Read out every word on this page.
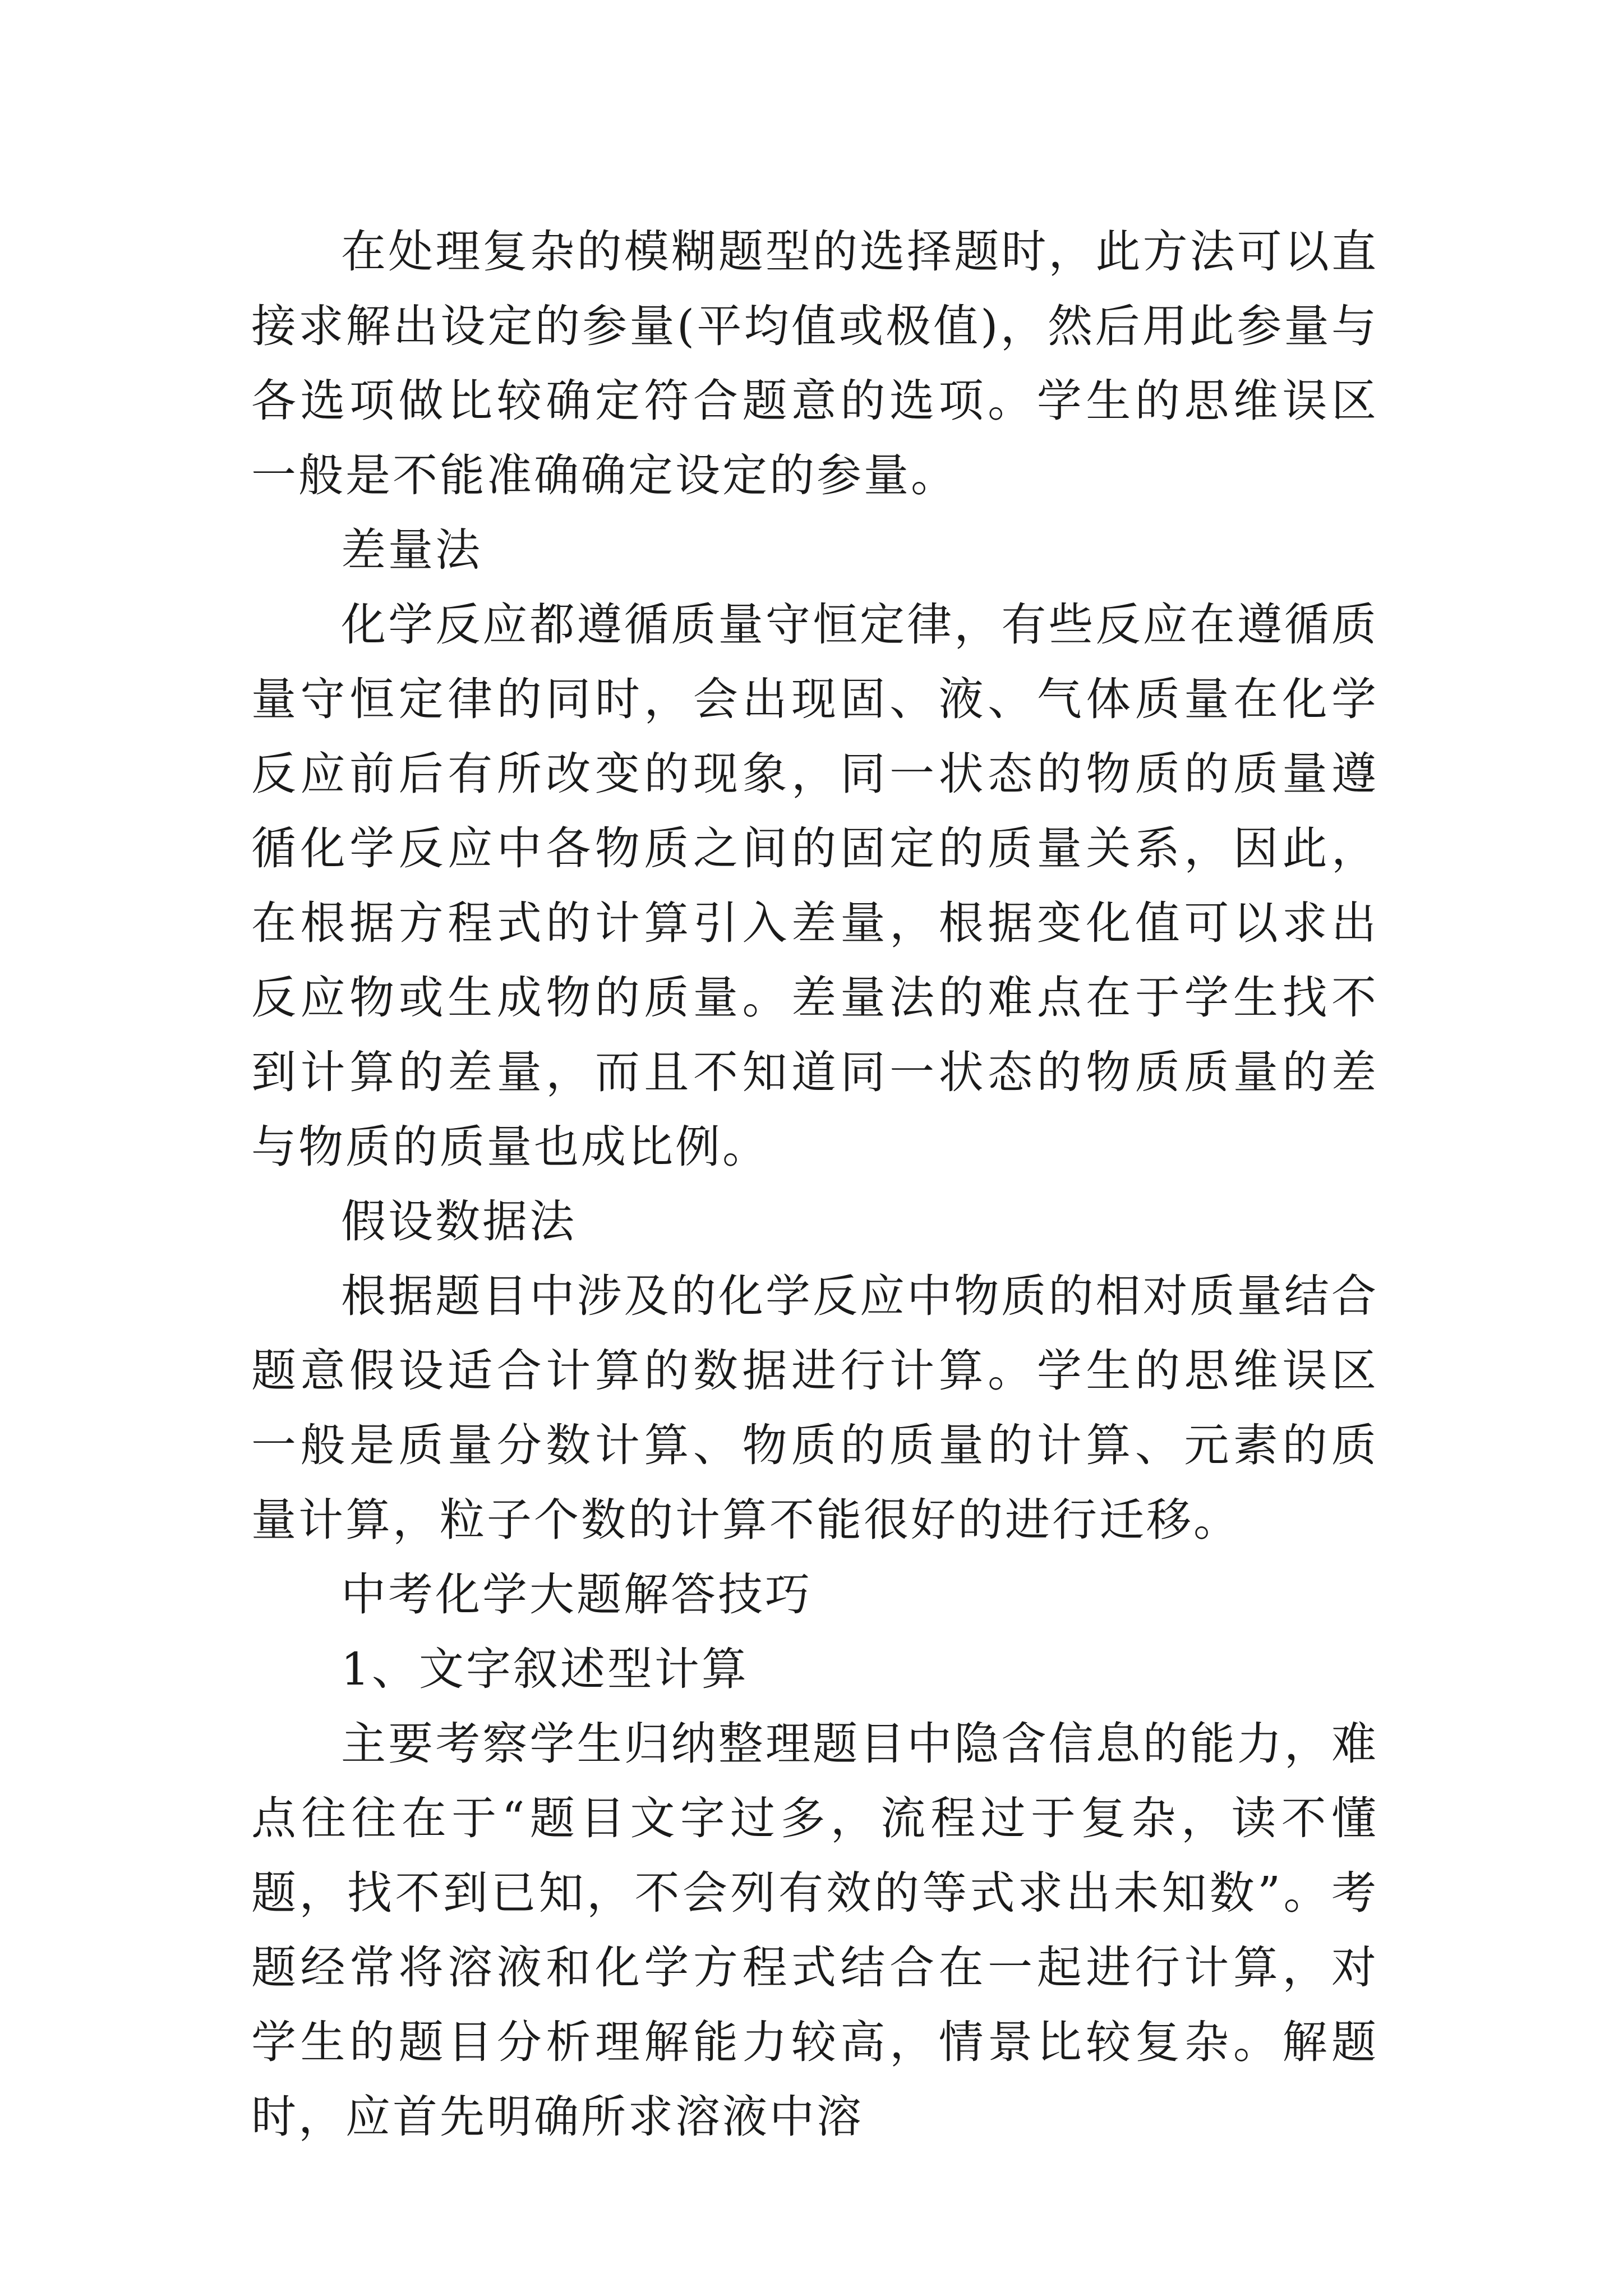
在处理复杂的模糊题型的选择题时，此方法可以直接求解出设定的参量(平均值或极值)，然后用此参量与各选项做比较确定符合题意的选项。学生的思维误区一般是不能准确确定设定的参量。

差量法

化学反应都遵循质量守恒定律，有些反应在遵循质量守恒定律的同时，会出现固、液、气体质量在化学反应前后有所改变的现象，同一状态的物质的质量遵循化学反应中各物质之间的固定的质量关系，因此，在根据方程式的计算引入差量，根据变化值可以求出反应物或生成物的质量。差量法的难点在于学生找不到计算的差量，而且不知道同一状态的物质质量的差与物质的质量也成比例。

假设数据法

根据题目中涉及的化学反应中物质的相对质量结合题意假设适合计算的数据进行计算。学生的思维误区一般是质量分数计算、物质的质量的计算、元素的质量计算，粒子个数的计算不能很好的进行迁移。

中考化学大题解答技巧

1、文字叙述型计算

主要考察学生归纳整理题目中隐含信息的能力，难点往往在于“题目文字过多，流程过于复杂，读不懂题，找不到已知，不会列有效的等式求出未知数”。考题经常将溶液和化学方程式结合在一起进行计算，对学生的题目分析理解能力较高，情景比较复杂。解题时，应首先明确所求溶液中溶
